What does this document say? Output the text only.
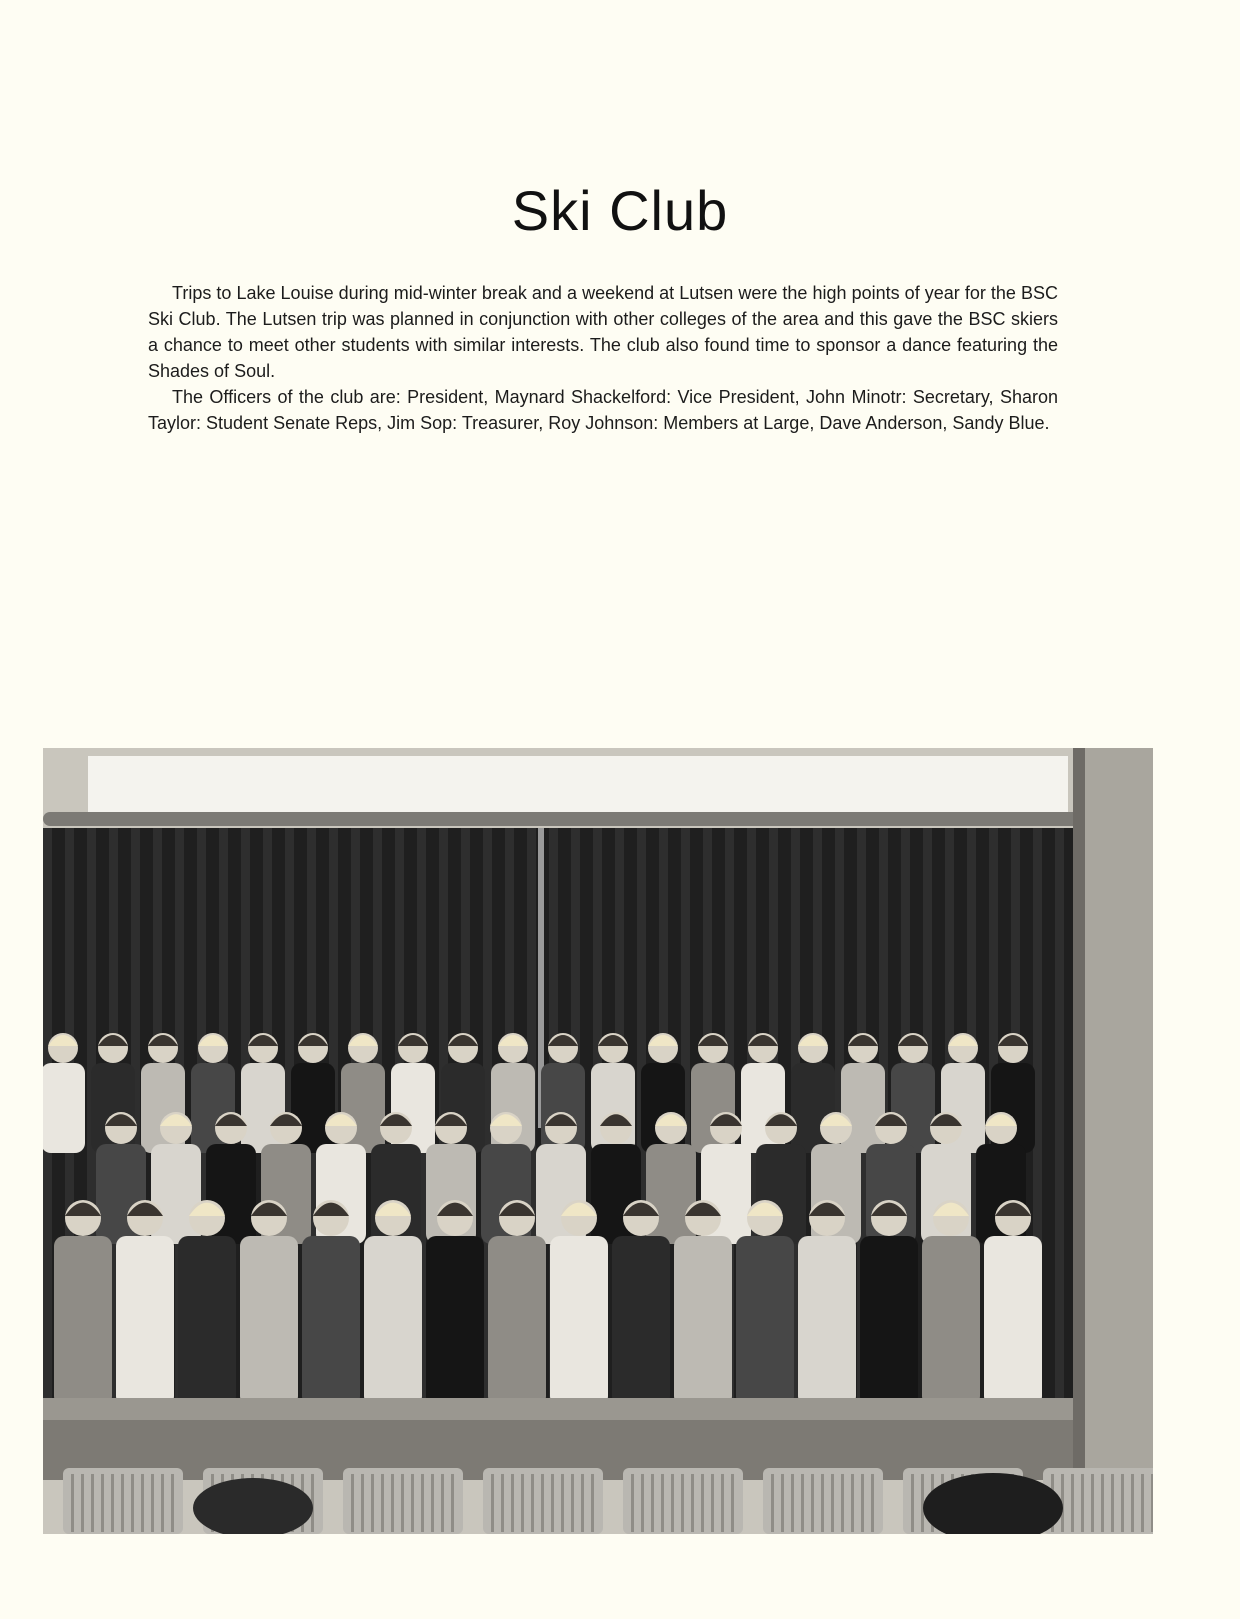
Ski Club

Trips to Lake Louise during mid-winter break and a weekend at Lutsen were the high points of year for the BSC Ski Club. The Lutsen trip was planned in conjunction with other colleges of the area and this gave the BSC skiers a chance to meet other students with similar interests. The club also found time to sponsor a dance featuring the Shades of Soul.

The Officers of the club are: President, Maynard Shackelford: Vice President, John Minotr: Secretary, Sharon Taylor: Student Senate Reps, Jim Sop: Treasurer, Roy Johnson: Members at Large, Dave Anderson, Sandy Blue.
